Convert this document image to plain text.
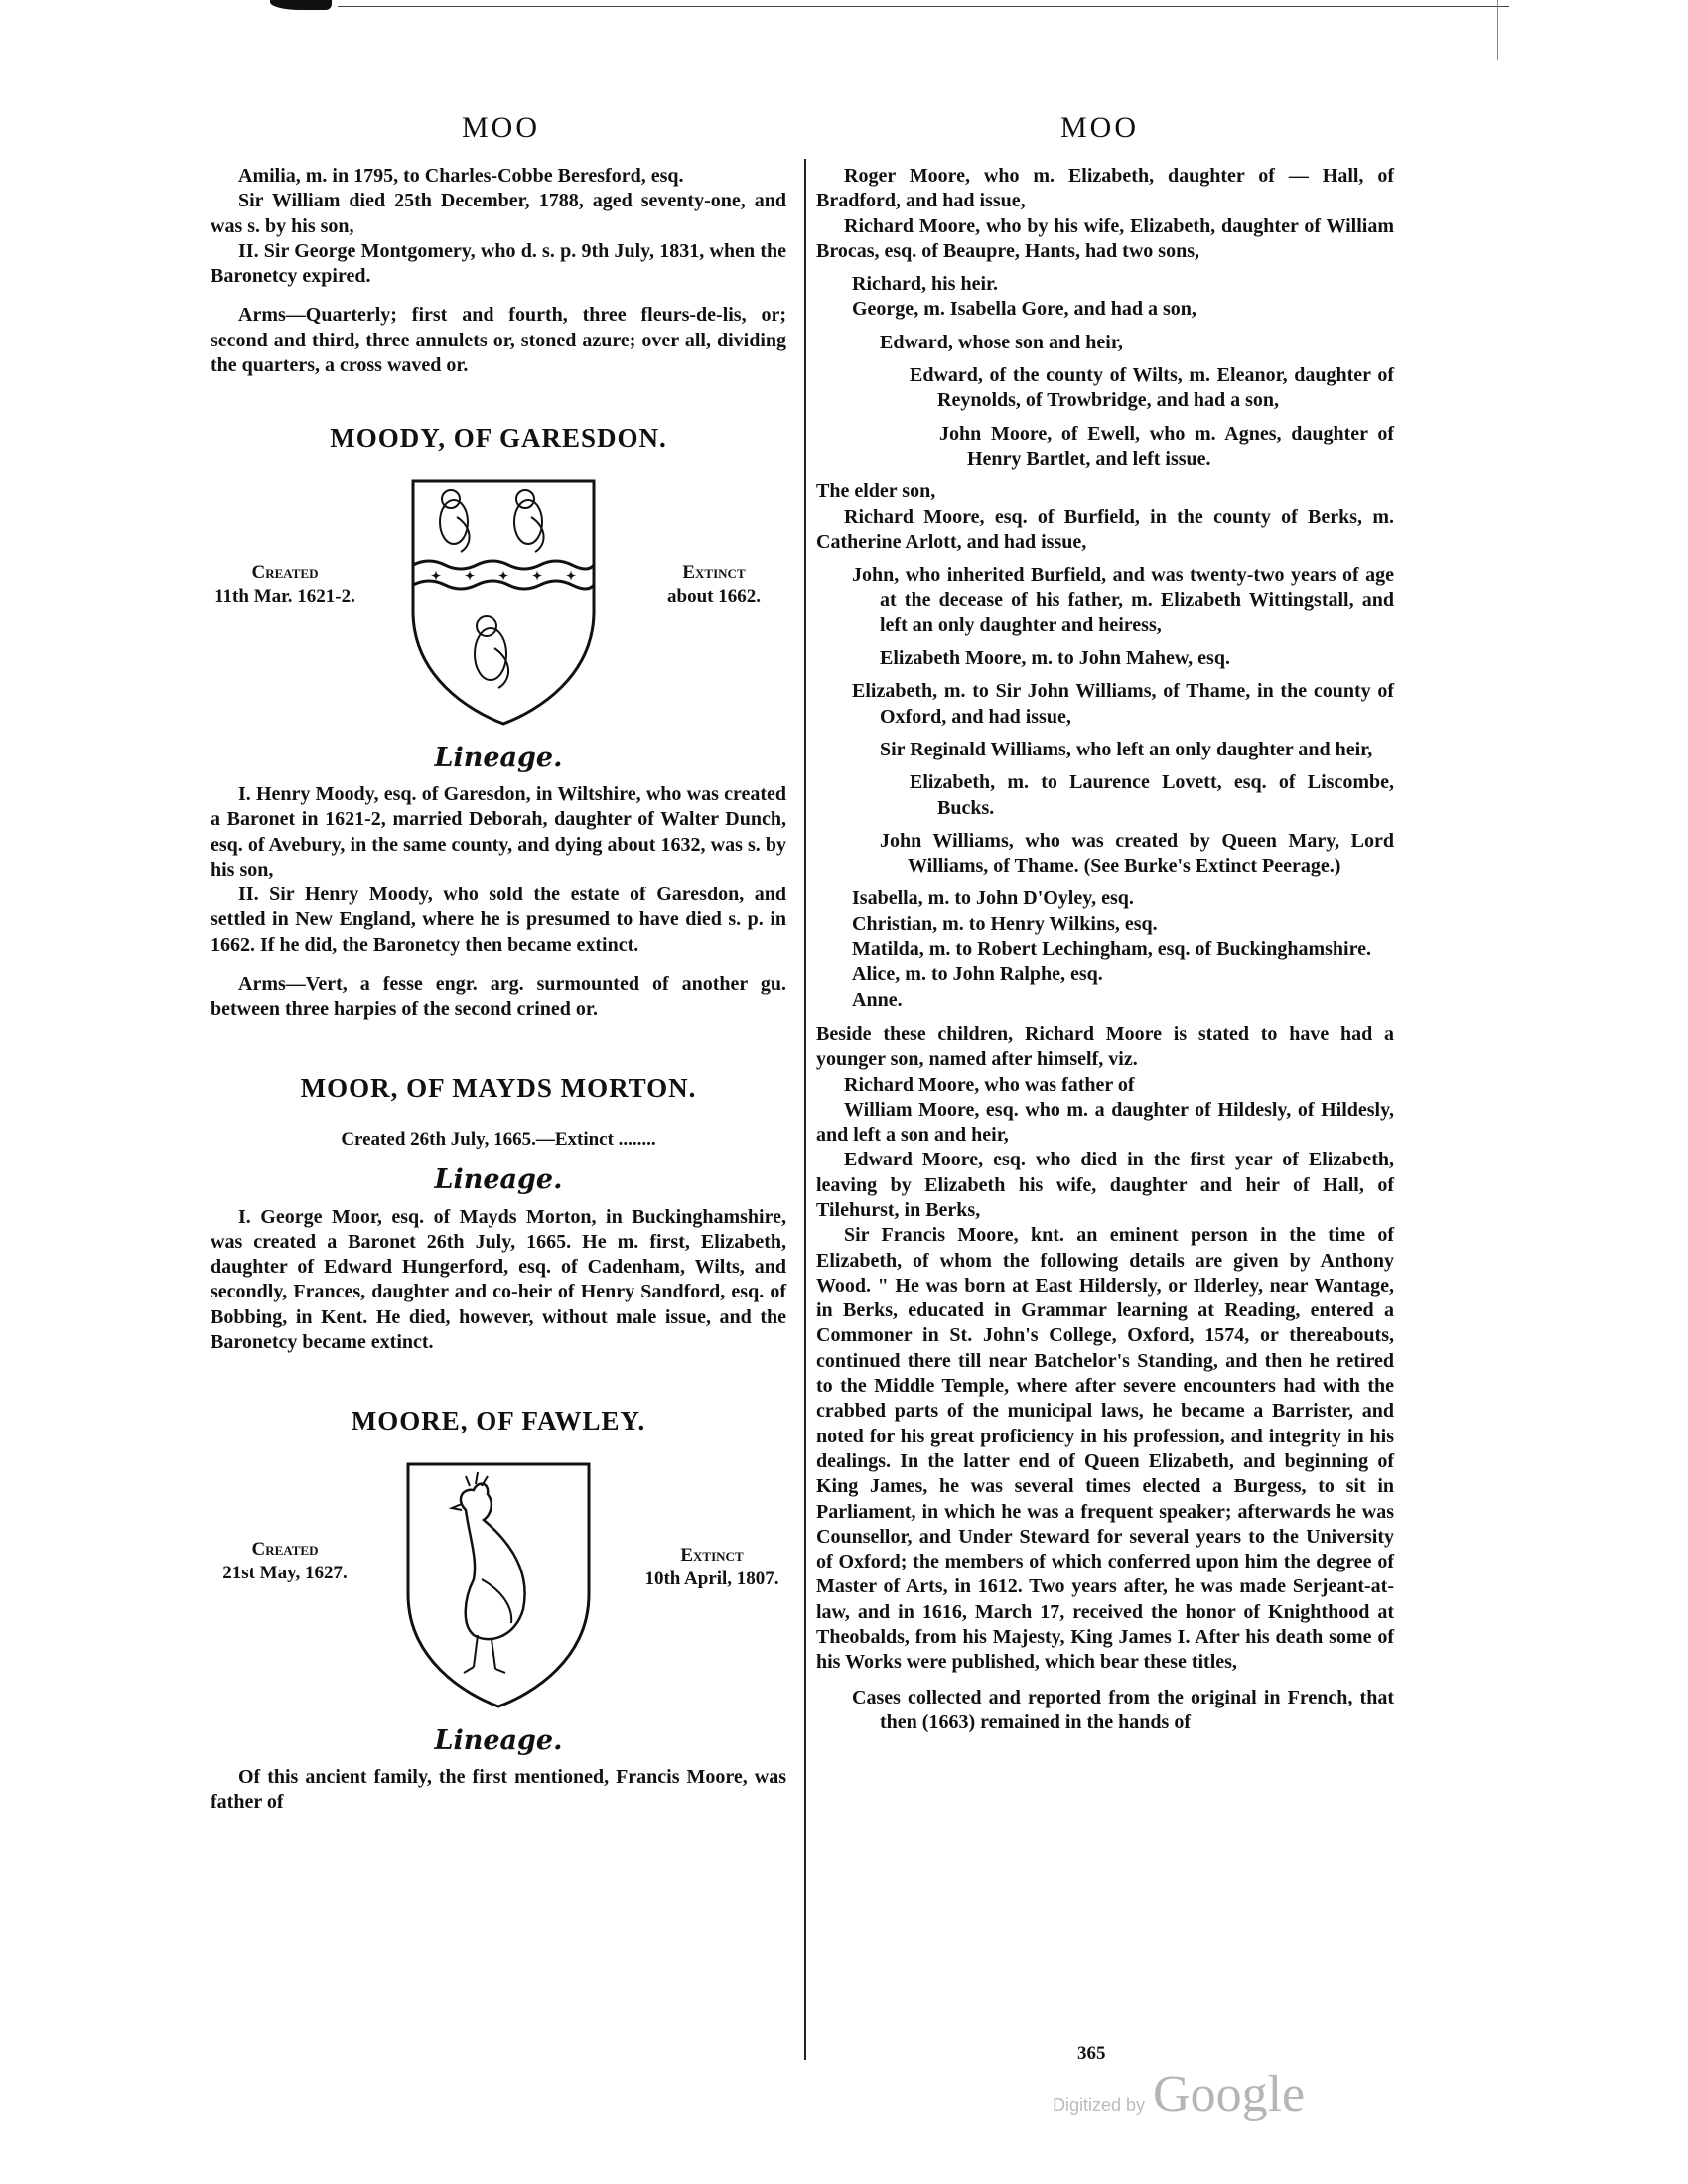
MOO	MOO

Amilia, m. in 1795, to Charles-Cobbe Beresford, esq.

Sir William died 25th December, 1788, aged seventy-one, and was s. by his son,

II. Sir George Montgomery, who d. s. p. 9th July, 1831, when the Baronetcy expired.

Arms—Quarterly; first and fourth, three fleurs-de-lis, or; second and third, three annulets or, stoned azure; over all, dividing the quarters, a cross waved or.

MOODY, OF GARESDON.

Created
11th Mar. 1621-2.
✦ ✦ ✦ ✦ ✦	Extinct
about 1662.

Lineage.

I. Henry Moody, esq. of Garesdon, in Wiltshire, who was created a Baronet in 1621-2, married Deborah, daughter of Walter Dunch, esq. of Avebury, in the same county, and dying about 1632, was s. by his son,

II. Sir Henry Moody, who sold the estate of Garesdon, and settled in New England, where he is presumed to have died s. p. in 1662. If he did, the Baronetcy then became extinct.

Arms—Vert, a fesse engr. arg. surmounted of another gu. between three harpies of the second crined or.

MOOR, OF MAYDS MORTON.

Created 26th July, 1665.—Extinct ........

Lineage.

I. George Moor, esq. of Mayds Morton, in Buckinghamshire, was created a Baronet 26th July, 1665. He m. first, Elizabeth, daughter of Edward Hungerford, esq. of Cadenham, Wilts, and secondly, Frances, daughter and co-heir of Henry Sandford, esq. of Bobbing, in Kent. He died, however, without male issue, and the Baronetcy became extinct.

MOORE, OF FAWLEY.

Created
21st May, 1627.
Extinct
10th April, 1807.

Lineage.

Of this ancient family, the first mentioned, Francis Moore, was father of

Roger Moore, who m. Elizabeth, daughter of — Hall, of Bradford, and had issue,

Richard Moore, who by his wife, Elizabeth, daughter of William Brocas, esq. of Beaupre, Hants, had two sons,

Richard, his heir.

George, m. Isabella Gore, and had a son,

Edward, whose son and heir,

Edward, of the county of Wilts, m. Eleanor, daughter of Reynolds, of Trowbridge, and had a son,

John Moore, of Ewell, who m. Agnes, daughter of Henry Bartlet, and left issue.

The elder son,

Richard Moore, esq. of Burfield, in the county of Berks, m. Catherine Arlott, and had issue,

John, who inherited Burfield, and was twenty-two years of age at the decease of his father, m. Elizabeth Wittingstall, and left an only daughter and heiress,

Elizabeth Moore, m. to John Mahew, esq.

Elizabeth, m. to Sir John Williams, of Thame, in the county of Oxford, and had issue,

Sir Reginald Williams, who left an only daughter and heir,

Elizabeth, m. to Laurence Lovett, esq. of Liscombe, Bucks.

John Williams, who was created by Queen Mary, Lord Williams, of Thame. (See Burke's Extinct Peerage.)

Isabella, m. to John D'Oyley, esq.

Christian, m. to Henry Wilkins, esq.

Matilda, m. to Robert Lechingham, esq. of Buckinghamshire.

Alice, m. to John Ralphe, esq.

Anne.

Beside these children, Richard Moore is stated to have had a younger son, named after himself, viz.

Richard Moore, who was father of

William Moore, esq. who m. a daughter of Hildesly, of Hildesly, and left a son and heir,

Edward Moore, esq. who died in the first year of Elizabeth, leaving by Elizabeth his wife, daughter and heir of Hall, of Tilehurst, in Berks,

Sir Francis Moore, knt. an eminent person in the time of Elizabeth, of whom the following details are given by Anthony Wood. " He was born at East Hildersly, or Ilderley, near Wantage, in Berks, educated in Grammar learning at Reading, entered a Commoner in St. John's College, Oxford, 1574, or thereabouts, continued there till near Batchelor's Standing, and then he retired to the Middle Temple, where after severe encounters had with the crabbed parts of the municipal laws, he became a Barrister, and noted for his great proficiency in his profession, and integrity in his dealings. In the latter end of Queen Elizabeth, and beginning of King James, he was several times elected a Burgess, to sit in Parliament, in which he was a frequent speaker; afterwards he was Counsellor, and Under Steward for several years to the University of Oxford; the members of which conferred upon him the degree of Master of Arts, in 1612. Two years after, he was made Serjeant-at-law, and in 1616, March 17, received the honor of Knighthood at Theobalds, from his Majesty, King James I. After his death some of his Works were published, which bear these titles,

Cases collected and reported from the original in French, that then (1663) remained in the hands of

365
Digitized by Google
